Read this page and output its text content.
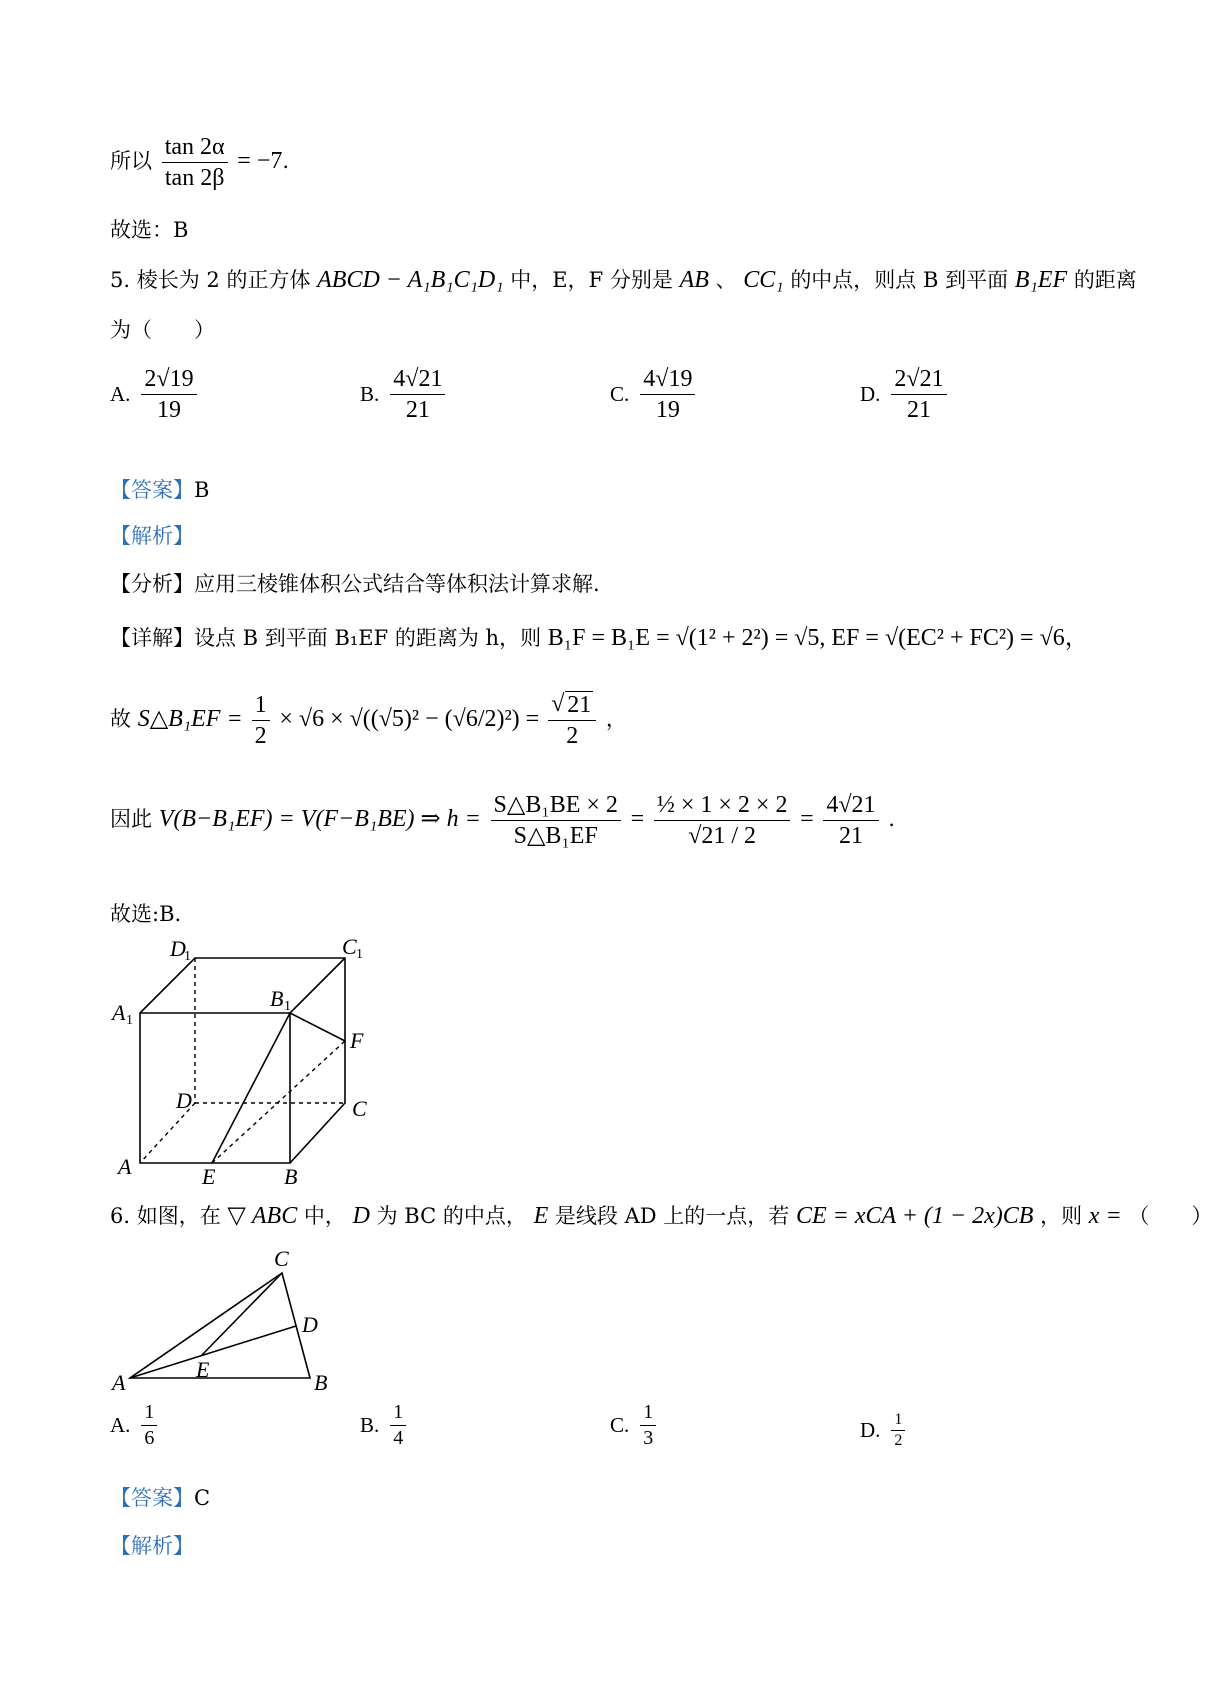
所以 $\frac{\tan 2\alpha}{\tan 2\beta} = -7$.
故选：B
5. 棱长为 2 的正方体 ABCD − A₁B₁C₁D₁ 中，E，F 分别是 AB 、 CC₁ 的中点，则点 B 到平面 B₁EF 的距离
为（　　）
A. $\frac{2√19}{19}$	B. $\frac{4√21}{21}$	C. $\frac{4√19}{19}$	D. $\frac{2√21}{21}$
【答案】B
【解析】
【分析】应用三棱锥体积公式结合等体积法计算求解.
【详解】设点 B 到平面 B₁EF 的距离为 h，则 B₁F = B₁E = √(1² + 2²) = √5, EF = √(EC² + FC²) = √6，
故 S△B₁EF = $\frac{1}{2} \times √6 \times √((√5)^2 - (√6/2)^2)$ =
√ $\frac{21}{2}$ ，
因此 V(B−B₁EF) = V(F−B₁BE) ⇒ $h = \frac{\text{S△B₁BE × 2}}{\text{S△B₁EF}} = \frac{\text{½ × 1 × 2 × 2}}{√21 / 2} = \frac{4√21}{21}$ .
故选:B.
D
1	C 1
A 1
B 1
F
D	C
A	E	B
6. 如图，在 ▽ ABC 中， D 为 BC 的中点， E 是线段 AD 上的一点，若 CE = xCA + (1 − 2x)CB ，则 x = （　　）
A	B
C
D
E
A. $\frac{1}{6}$	B. $\frac{1}{4}$	C. $\frac{1}{3}$	D. $\frac{1}{2}$
【答案】C
【解析】
